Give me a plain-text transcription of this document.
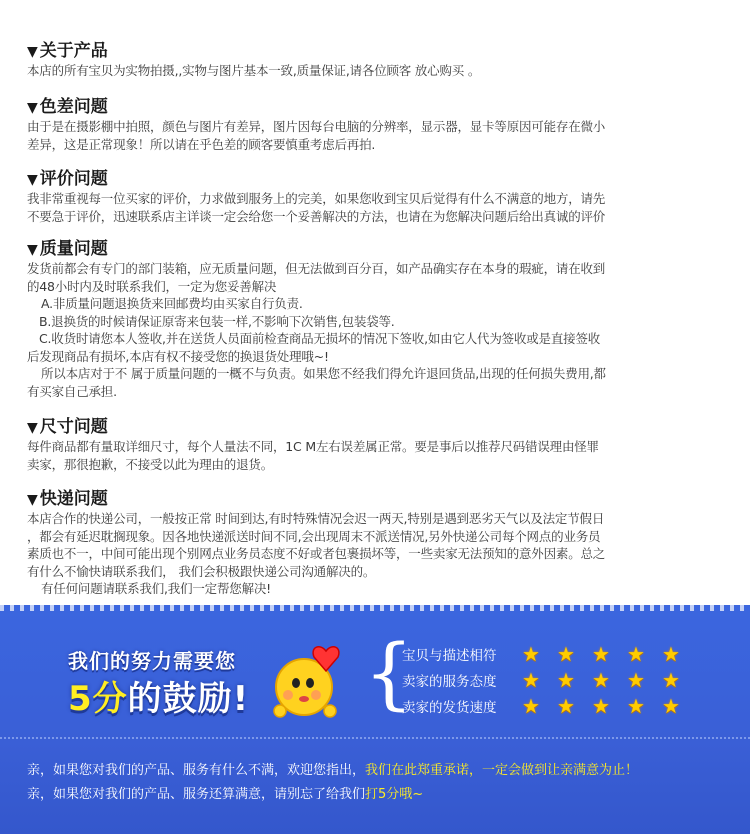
▼ 关于产品
本店的所有宝贝为实物拍摄,,实物与图片基本一致,质量保证,请各位顾客 放心购买 。
▼ 色差问题
由于是在摄影棚中拍照，颜色与图片有差异，图片因每台电脑的分辨率，显示器，显卡等原因可能存在微小
差异，这是正常现象！所以请在乎色差的顾客要慎重考虑后再拍.
▼ 评价问题
我非常重视每一位买家的评价，力求做到服务上的完美，如果您收到宝贝后觉得有什么不满意的地方，请先
不要急于评价，迅速联系店主详谈一定会给您一个妥善解决的方法，也请在为您解决问题后给出真诚的评价
▼ 质量问题
发货前都会有专门的部门装箱，应无质量问题，但无法做到百分百，如产品确实存在本身的瑕疵，请在收到
的48小时内及时联系我们，一定为您妥善解决
A.非质量问题退换货来回邮费均由买家自行负责.
B.退换货的时候请保证原寄来包装一样,不影响下次销售,包装袋等.
C.收货时请您本人签收,并在送货人员面前检查商品无损坏的情况下签收,如由它人代为签收或是直接签收
后发现商品有损坏,本店有权不接受您的换退货处理哦~!
所以本店对于不 属于质量问题的一概不与负责。如果您不经我们得允许退回货品,出现的任何损失费用,都
有买家自己承担.
▼ 尺寸问题
每件商品都有量取详细尺寸，每个人量法不同，1C M左右误差属正常。要是事后以推荐尺码错误理由怪罪
卖家，那很抱歉，不接受以此为理由的退货。
▼ 快递问题
本店合作的快递公司，一般按正常 时间到达,有时特殊情况会迟一两天,特别是遇到恶劣天气以及法定节假日
，都会有延迟耽搁现象。因各地快递派送时间不同,会出现周末不派送情况,另外快递公司每个网点的业务员
素质也不一，中间可能出现个别网点业务员态度不好或者包裹损坏等，一些卖家无法预知的意外因素。总之
有什么不愉快请联系我们， 我们会积极跟快递公司沟通解决的。
有任何问题请联系我们,我们一定帮您解决!
我们的努力需要您
5分的鼓励! {
宝贝与描述相符	★ ★ ★ ★ ★
卖家的服务态度	★ ★ ★ ★ ★
卖家的发货速度	★ ★ ★ ★ ★
亲，如果您对我们的产品、服务有什么不满，欢迎您指出，我们在此郑重承诺，一定会做到让亲满意为止！
亲，如果您对我们的产品、服务还算满意，请别忘了给我们打5分哦~
